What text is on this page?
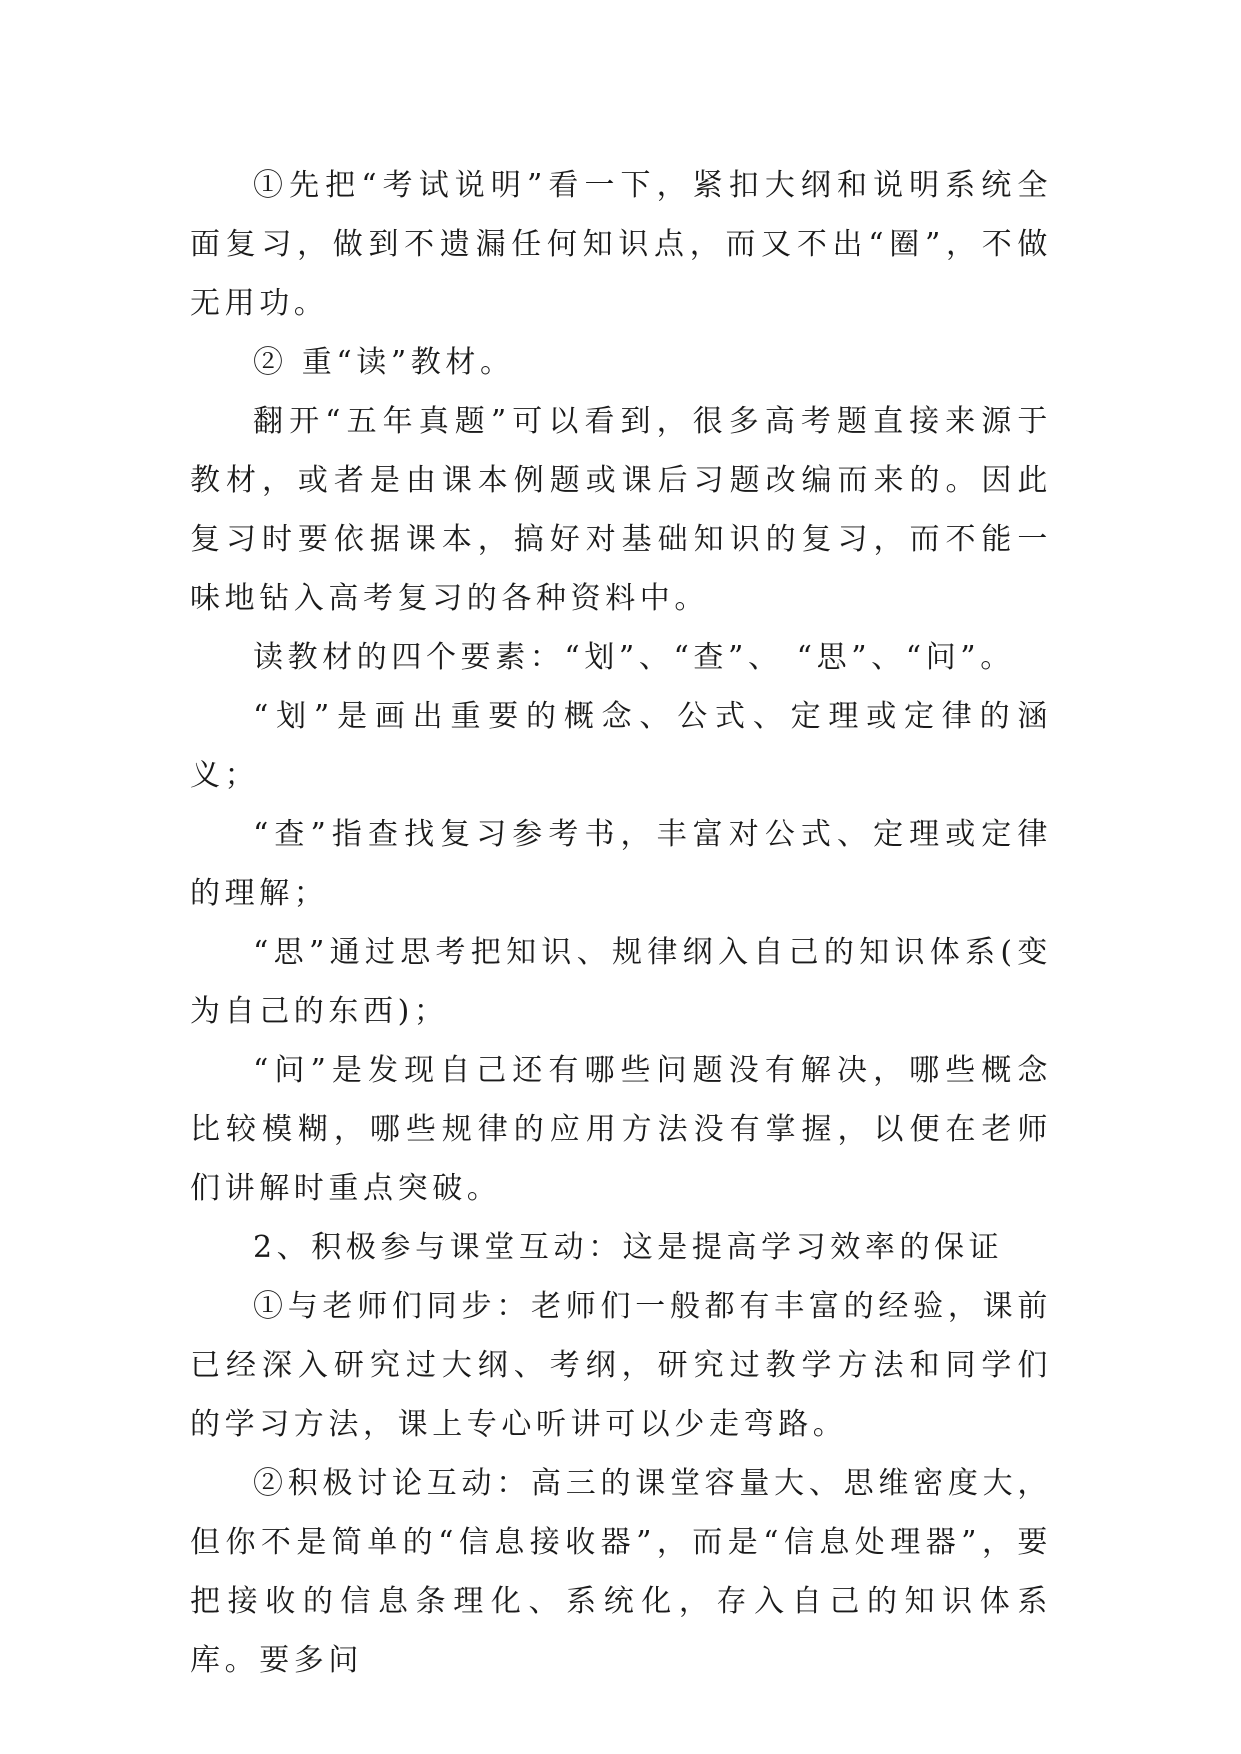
①先把“考试说明”看一下，紧扣大纲和说明系统全面复习，做到不遗漏任何知识点，而又不出“圈”，不做无用功。

② 重“读”教材。

翻开“五年真题”可以看到，很多高考题直接来源于教材，或者是由课本例题或课后习题改编而来的。因此复习时要依据课本，搞好对基础知识的复习，而不能一味地钻入高考复习的各种资料中。

读教材的四个要素：“划”、“查”、 “思”、“问”。

“划”是画出重要的概念、公式、定理或定律的涵义；

“查”指查找复习参考书，丰富对公式、定理或定律的理解；

“思”通过思考把知识、规律纲入自己的知识体系(变为自己的东西)；

“问”是发现自己还有哪些问题没有解决，哪些概念比较模糊，哪些规律的应用方法没有掌握，以便在老师们讲解时重点突破。

2、积极参与课堂互动：这是提高学习效率的保证

①与老师们同步：老师们一般都有丰富的经验，课前已经深入研究过大纲、考纲，研究过教学方法和同学们的学习方法，课上专心听讲可以少走弯路。

②积极讨论互动：高三的课堂容量大、思维密度大，但你不是简单的“信息接收器”，而是“信息处理器”，要把接收的信息条理化、系统化，存入自己的知识体系库。要多问
